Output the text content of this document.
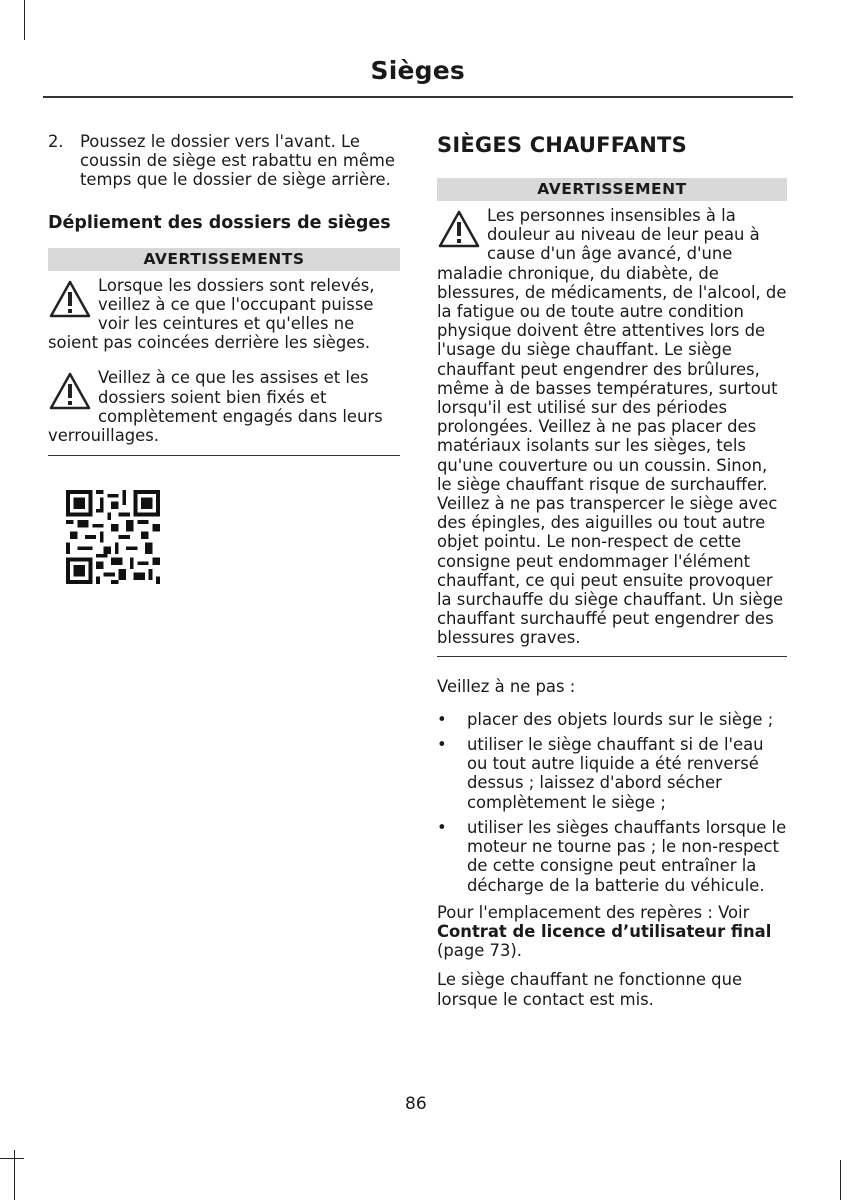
Sièges
2. Poussez le dossier vers l'avant. Le coussin de siège est rabattu en même temps que le dossier de siège arrière.
Dépliement des dossiers de sièges
AVERTISSEMENTS

Lorsque les dossiers sont relevés, veillez à ce que l'occupant puisse voir les ceintures et qu'elles ne soient pas coincées derrière les sièges.

Veillez à ce que les assises et les dossiers soient bien fixés et complètement engagés dans leurs verrouillages.

SIÈGES CHAUFFANTS
AVERTISSEMENT

Les personnes insensibles à la douleur au niveau de leur peau à cause d'un âge avancé, d'une maladie chronique, du diabète, de blessures, de médicaments, de l'alcool, de la fatigue ou de toute autre condition physique doivent être attentives lors de l'usage du siège chauffant. Le siège chauffant peut engendrer des brûlures, même à de basses températures, surtout lorsqu'il est utilisé sur des périodes prolongées. Veillez à ne pas placer des matériaux isolants sur les sièges, tels qu'une couverture ou un coussin. Sinon, le siège chauffant risque de surchauffer. Veillez à ne pas transpercer le siège avec des épingles, des aiguilles ou tout autre objet pointu. Le non-respect de cette consigne peut endommager l'élément chauffant, ce qui peut ensuite provoquer la surchauffe du siège chauffant. Un siège chauffant surchauffé peut engendrer des blessures graves.

Veillez à ne pas :

• placer des objets lourds sur le siège ;
• utiliser le siège chauffant si de l'eau ou tout autre liquide a été renversé dessus ; laissez d'abord sécher complètement le siège ;
• utiliser les sièges chauffants lorsque le moteur ne tourne pas ; le non-respect de cette consigne peut entraîner la décharge de la batterie du véhicule.

Pour l'emplacement des repères : Voir Contrat de licence d’utilisateur final (page 73).

Le siège chauffant ne fonctionne que lorsque le contact est mis.

86
